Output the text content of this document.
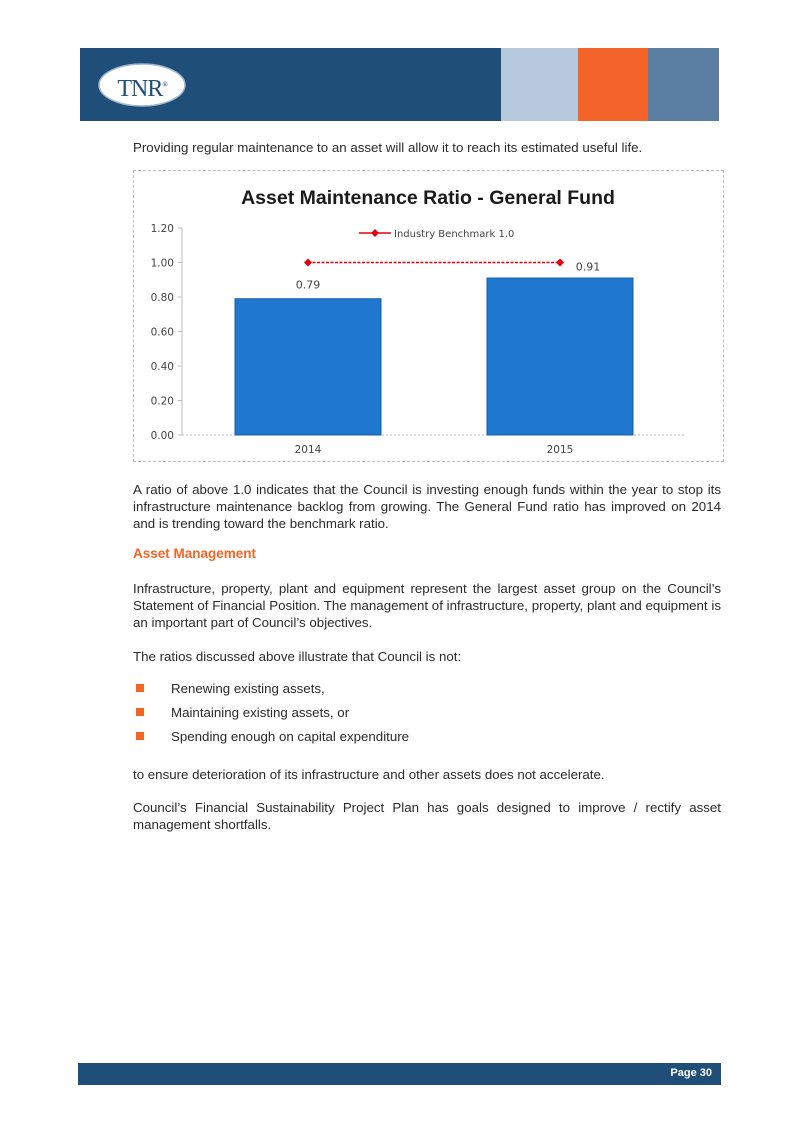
TNR®

Providing regular maintenance to an asset will allow it to reach its estimated useful life.

Asset Maintenance Ratio - General Fund
0.00
0.20
0.40
0.60
0.80
1.00
1.20
2014	2015
0.79
0.91
Industry Benchmark 1.0

A ratio of above 1.0 indicates that the Council is investing enough funds within the year to stop its infrastructure maintenance backlog from growing. The General Fund ratio has improved on 2014 and is trending toward the benchmark ratio.

Asset Management

Infrastructure, property, plant and equipment represent the largest asset group on the Council’s Statement of Financial Position. The management of infrastructure, property, plant and equipment is an important part of Council’s objectives.

The ratios discussed above illustrate that Council is not:

Renewing existing assets,
Maintaining existing assets, or
Spending enough on capital expenditure

to ensure deterioration of its infrastructure and other assets does not accelerate.

Council’s Financial Sustainability Project Plan has goals designed to improve / rectify asset management shortfalls.

Page 30
